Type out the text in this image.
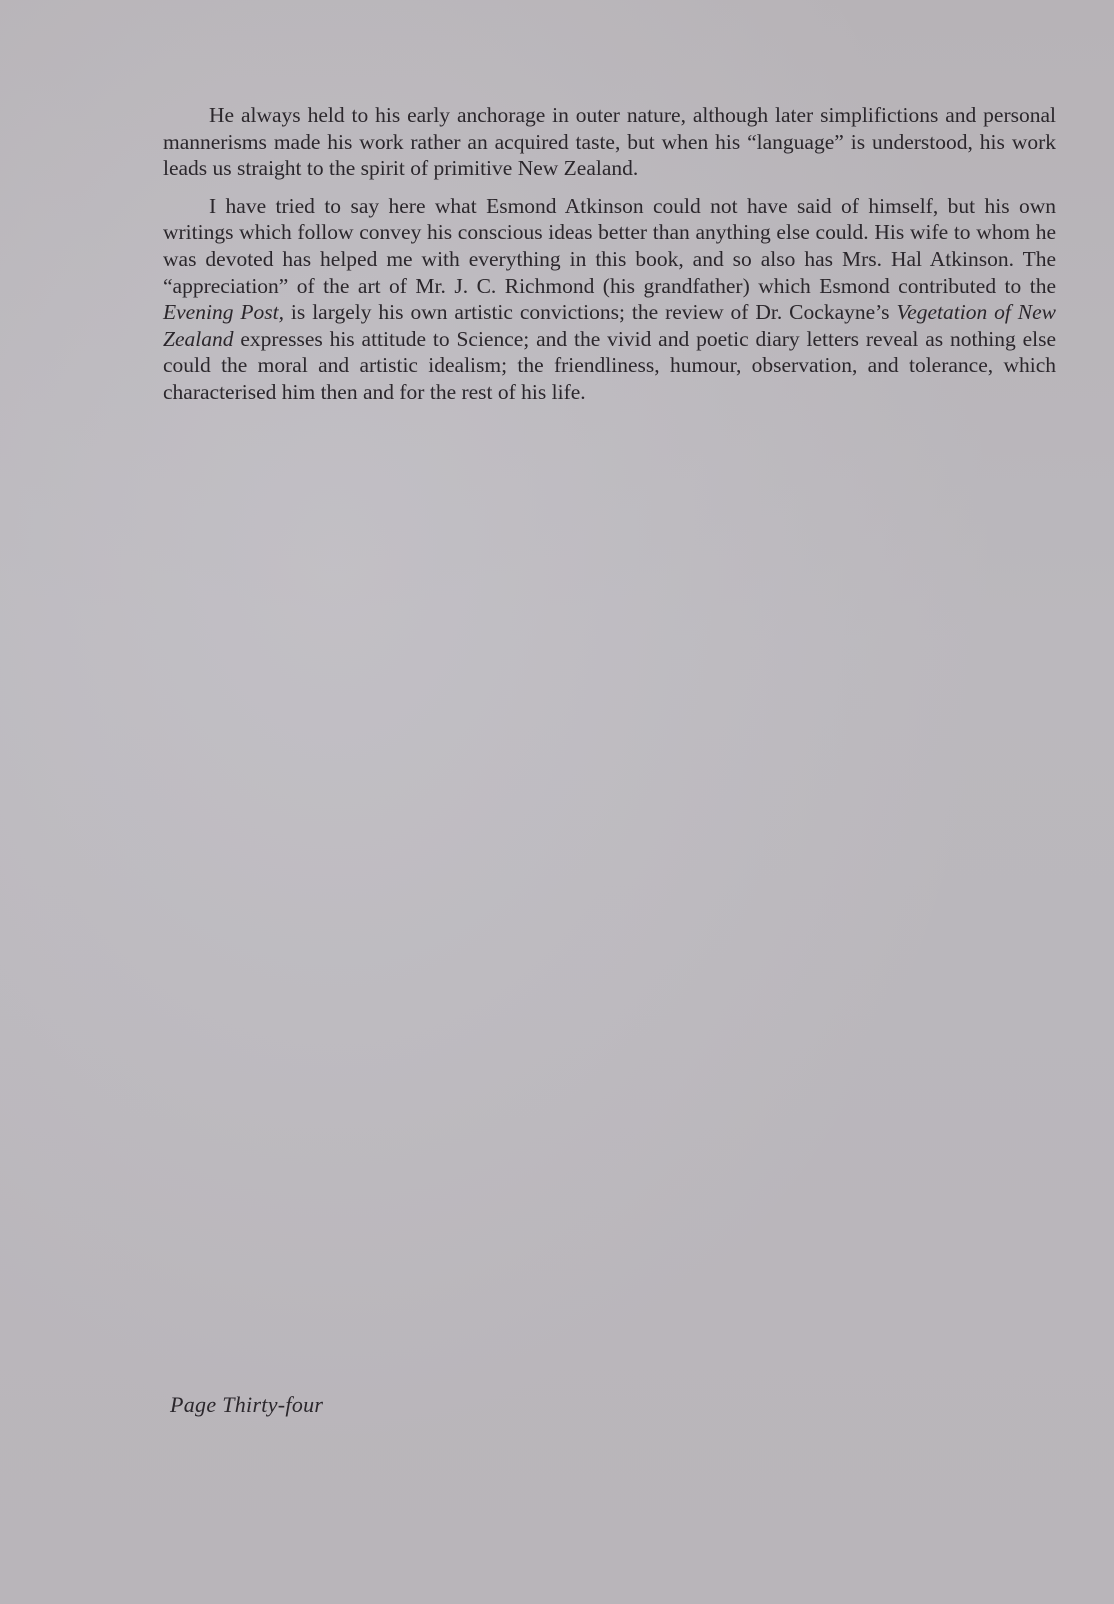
He always held to his early anchorage in outer nature, although later simplifictions and personal mannerisms made his work rather an acquired taste, but when his “language” is understood, his work leads us straight to the spirit of primitive New Zealand.

I have tried to say here what Esmond Atkinson could not have said of himself, but his own writings which follow convey his conscious ideas better than anything else could. His wife to whom he was devoted has helped me with everything in this book, and so also has Mrs. Hal Atkinson. The “appreciation” of the art of Mr. J. C. Richmond (his grandfather) which Esmond contributed to the Evening Post, is largely his own artistic convictions; the review of Dr. Cockayne’s Vegetation of New Zealand expresses his attitude to Science; and the vivid and poetic diary letters reveal as nothing else could the moral and artistic idealism; the friendliness, humour, observation, and tolerance, which characterised him then and for the rest of his life.

Page Thirty-four
